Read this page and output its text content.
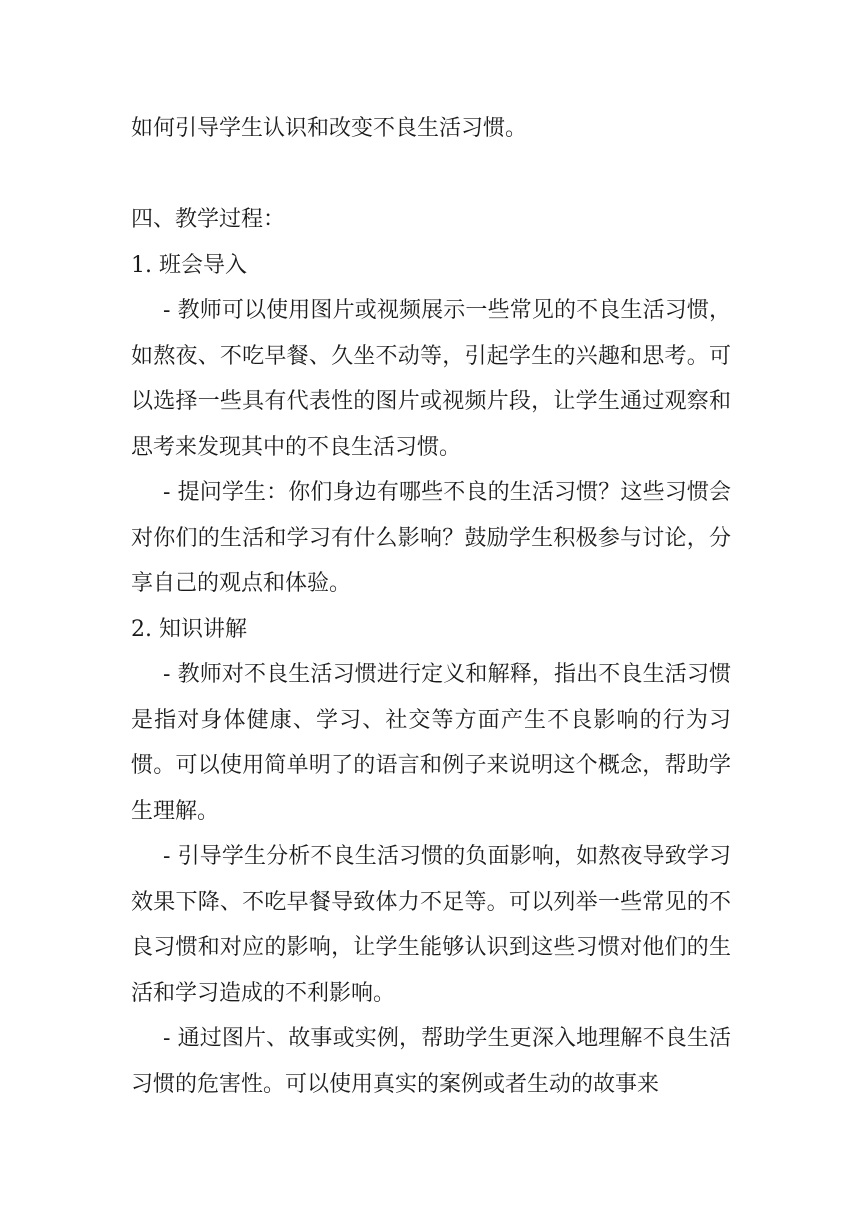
如何引导学生认识和改变不良生活习惯。

四、教学过程：

1. 班会导入

- 教师可以使用图片或视频展示一些常见的不良生活习惯，如熬夜、不吃早餐、久坐不动等，引起学生的兴趣和思考。可以选择一些具有代表性的图片或视频片段，让学生通过观察和思考来发现其中的不良生活习惯。

- 提问学生：你们身边有哪些不良的生活习惯？这些习惯会对你们的生活和学习有什么影响？鼓励学生积极参与讨论，分享自己的观点和体验。

2. 知识讲解

- 教师对不良生活习惯进行定义和解释，指出不良生活习惯是指对身体健康、学习、社交等方面产生不良影响的行为习惯。可以使用简单明了的语言和例子来说明这个概念，帮助学生理解。

- 引导学生分析不良生活习惯的负面影响，如熬夜导致学习效果下降、不吃早餐导致体力不足等。可以列举一些常见的不良习惯和对应的影响，让学生能够认识到这些习惯对他们的生活和学习造成的不利影响。

- 通过图片、故事或实例，帮助学生更深入地理解不良生活习惯的危害性。可以使用真实的案例或者生动的故事来
